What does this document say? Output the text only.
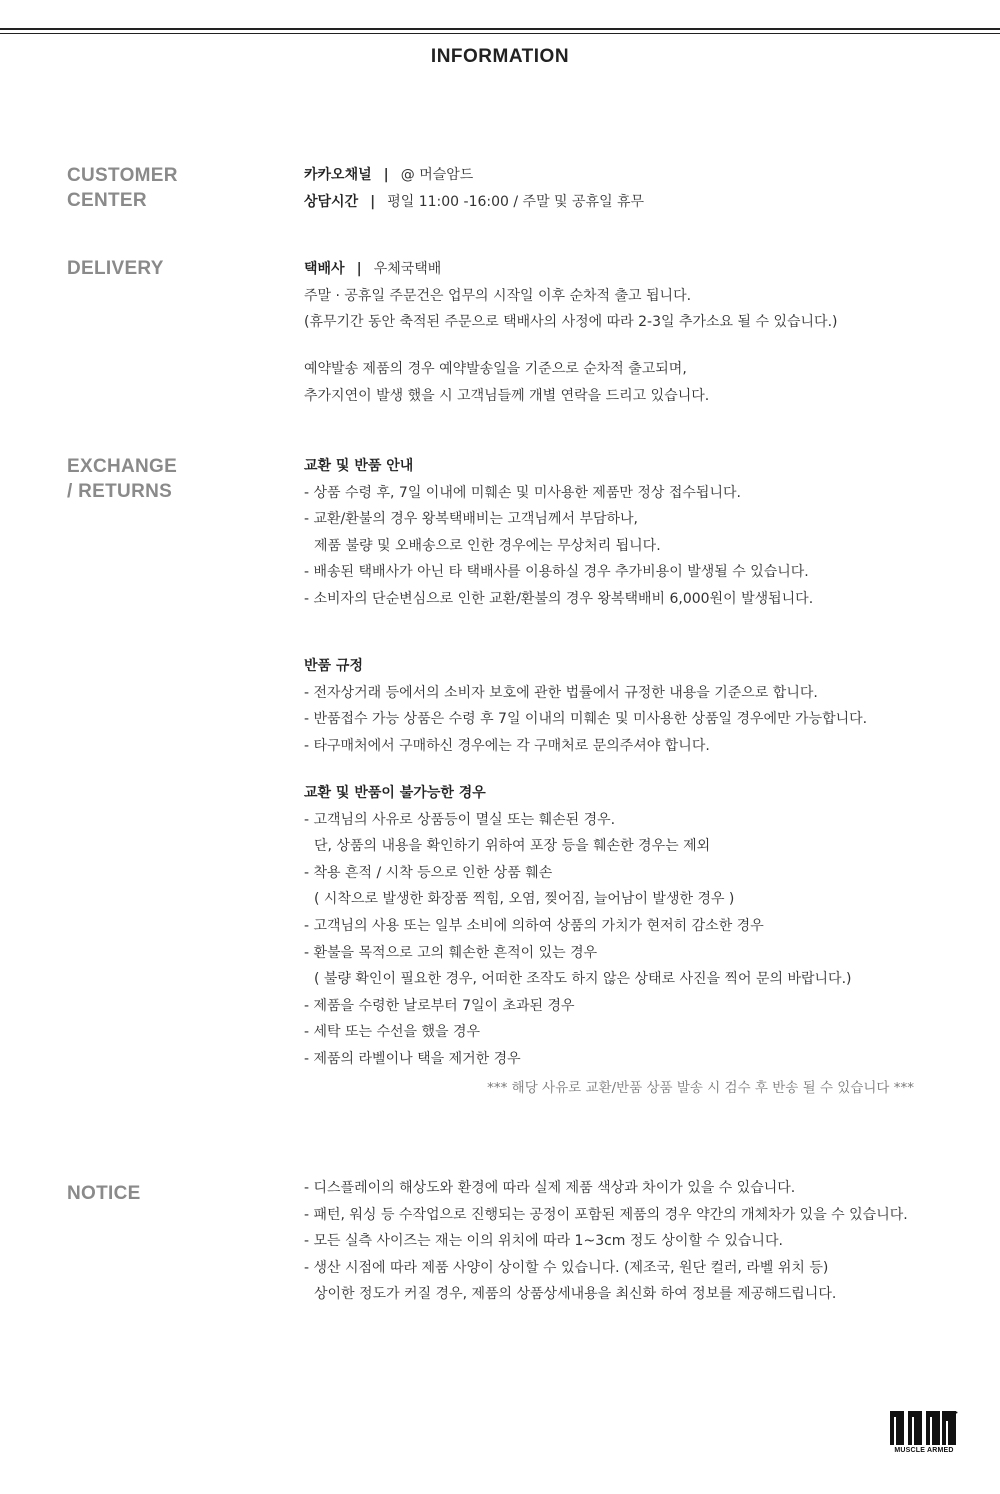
INFORMATION
CUSTOMER
CENTER
카카오채널 | @ 머슬암드
상담시간 | 평일 11:00 -16:00 / 주말 및 공휴일 휴무
DELIVERY	택배사 | 우체국택배
주말 · 공휴일 주문건은 업무의 시작일 이후 순차적 출고 됩니다.
(휴무기간 동안 축적된 주문으로 택배사의 사정에 따라 2-3일 추가소요 될 수 있습니다.)
예약발송 제품의 경우 예약발송일을 기준으로 순차적 출고되며,
추가지연이 발생 했을 시 고객님들께 개별 연락을 드리고 있습니다.
EXCHANGE
/ RETURNS
교환 및 반품 안내
- 상품 수령 후, 7일 이내에 미훼손 및 미사용한 제품만 정상 접수됩니다.
- 교환/환불의 경우 왕복택배비는 고객님께서 부담하나,
제품 불량 및 오배송으로 인한 경우에는 무상처리 됩니다.
- 배송된 택배사가 아닌 타 택배사를 이용하실 경우 추가비용이 발생될 수 있습니다.
- 소비자의 단순변심으로 인한 교환/환불의 경우 왕복택배비 6,000원이 발생됩니다.
반품 규정
- 전자상거래 등에서의 소비자 보호에 관한 법률에서 규정한 내용을 기준으로 합니다.
- 반품접수 가능 상품은 수령 후 7일 이내의 미훼손 및 미사용한 상품일 경우에만 가능합니다.
- 타구매처에서 구매하신 경우에는 각 구매처로 문의주셔야 합니다.
교환 및 반품이 불가능한 경우
- 고객님의 사유로 상품등이 멸실 또는 훼손된 경우.
단, 상품의 내용을 확인하기 위하여 포장 등을 훼손한 경우는 제외
- 착용 흔적 / 시착 등으로 인한 상품 훼손
( 시착으로 발생한 화장품 찍힘, 오염, 찢어짐, 늘어남이 발생한 경우 )
- 고객님의 사용 또는 일부 소비에 의하여 상품의 가치가 현저히 감소한 경우
- 환불을 목적으로 고의 훼손한 흔적이 있는 경우
( 불량 확인이 필요한 경우, 어떠한 조작도 하지 않은 상태로 사진을 찍어 문의 바랍니다.)
- 제품을 수령한 날로부터 7일이 초과된 경우
- 세탁 또는 수선을 했을 경우
- 제품의 라벨이나 택을 제거한 경우
*** 해당 사유로 교환/반품 상품 발송 시 검수 후 반송 될 수 있습니다 ***
NOTICE	- 디스플레이의 해상도와 환경에 따라 실제 제품 색상과 차이가 있을 수 있습니다.
- 패턴, 워싱 등 수작업으로 진행되는 공정이 포함된 제품의 경우 약간의 개체차가 있을 수 있습니다.
- 모든 실측 사이즈는 재는 이의 위치에 따라 1~3cm 정도 상이할 수 있습니다.
- 생산 시점에 따라 제품 사양이 상이할 수 있습니다. (제조국, 원단 컬러, 라벨 위치 등)
상이한 정도가 커질 경우, 제품의 상품상세내용을 최신화 하여 정보를 제공해드립니다.
MUSCLE ARMED
